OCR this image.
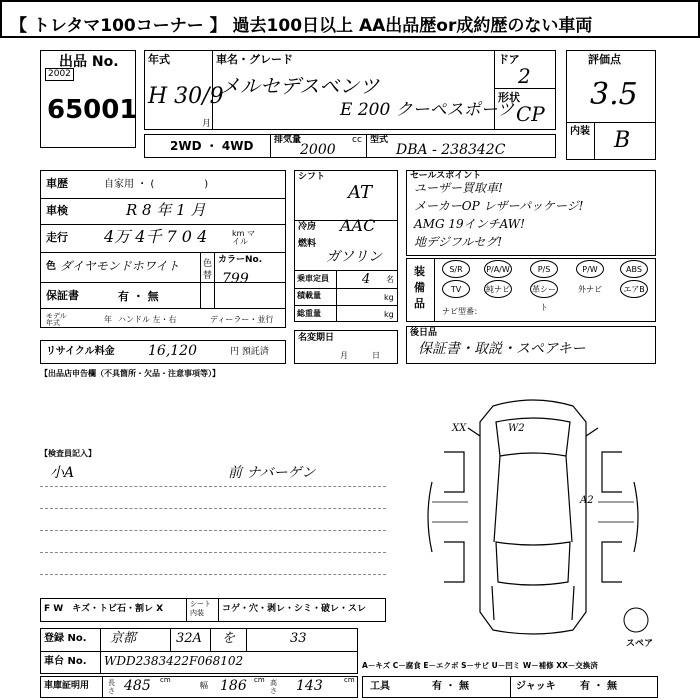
【 トレタマ100コーナー 】 過去100日以上 AA出品歴or成約歴のない車両
出品 No.
2002
65001
年式
H 30/9
月
車名・グレード
メルセデスベンツ
E 200 クーペスポーツ
ドア
2
形状
CP
評価点
3.5
内装 B
2WD ・ 4WD 排気量	cc
2000
型式
DBA - 238342C
車歴	自家用 ・ (　　　　　)
車検	R 8 年 1 月
走行 4万 4千 7 0 4	km マイル
色 ダイヤモンドホワイト	色替
カラーNo.
799
保証書	有 ・ 無
モデル年式	年 ハンドル 左・右	ディーラー・並行
リサイクル料金 16,120	円 預託済
シフト
AT
冷房 AAC
燃料
ガソリン
乗車定員	4 名
積載量	kg
総重量	kg
名変期日
月　　　日
セールスポイント
ユーザー買取車!
メーカーOP レザーパッケージ!
AMG 19インチAW!
地デジフルセグ!
装備品
S/R	P/A/W	P/S	P/W	ABS
TV	純ナビ	革シート
外ナビ	エアB
ナビ型番：
後日品
保証書・取説・スペアキー
【出品店申告欄（不具箇所・欠品・注意事項等）】
【検査員記入】
小A	前 ナバーゲン
XX	W2
A2
スペア
F W　キズ・トビ石・割レ X	シート内装	コゲ・穴・剥レ・シミ・破レ・スレ
登録 No. 京都	32A を	33
車台 No. WDD2383422F068102	A－キズ C－腐食 E－エクボ S－サビ U－凹ミ W－補修 XX－交換済
車庫証明用	長さ 485 cm
幅 186 cm 高さ 143	cm
工具	有 ・ 無	ジャッキ 有 ・ 無
